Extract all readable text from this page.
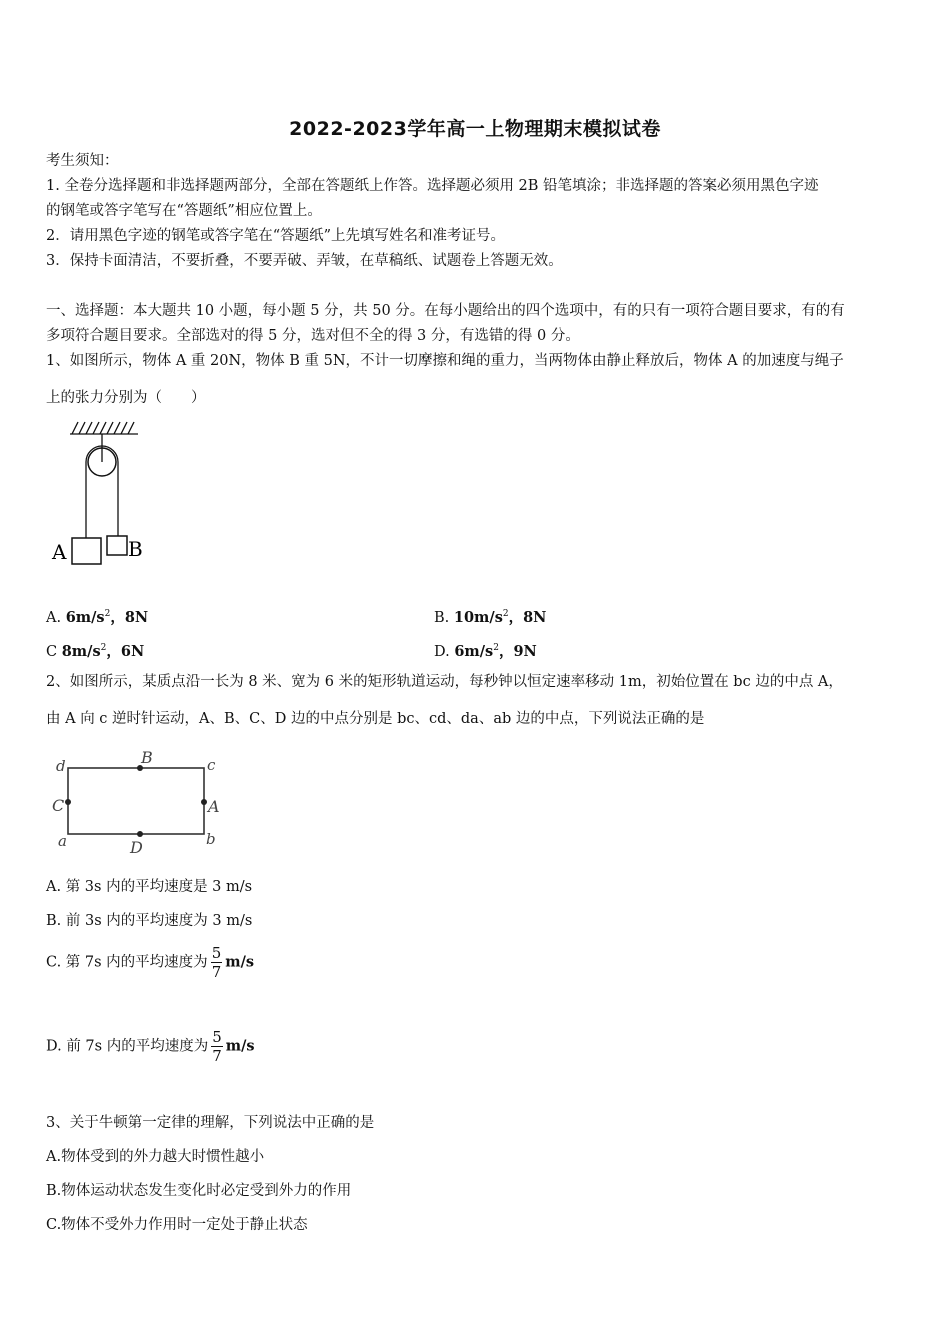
2022-2023学年高一上物理期末模拟试卷
考生须知：
1. 全卷分选择题和非选择题两部分，全部在答题纸上作答。选择题必须用 2B 铅笔填涂；非选择题的答案必须用黑色字迹
的钢笔或答字笔写在“答题纸”相应位置上。
2．请用黑色字迹的钢笔或答字笔在“答题纸”上先填写姓名和准考证号。
3．保持卡面清洁，不要折叠，不要弄破、弄皱，在草稿纸、试题卷上答题无效。
一、选择题：本大题共 10 小题，每小题 5 分，共 50 分。在每小题给出的四个选项中，有的只有一项符合题目要求，有的有
多项符合题目要求。全部选对的得 5 分，选对但不全的得 3 分，有选错的得 0 分。
1、如图所示，物体 A 重 20N，物体 B 重 5N，不计一切摩擦和绳的重力，当两物体由静止释放后，物体 A 的加速度与绳子
上的张力分别为（　　）
A	B
A. $6m/s^2$，8N	B. $10m/s^2$，8N
C $8m/s^2$，6N	D. $6m/s^2$，9N
2、如图所示，某质点沿一长为 8 米、宽为 6 米的矩形轨道运动，每秒钟以恒定速率移动 1m，初始位置在 bc 边的中点 A，
由 A 向 c 逆时针运动，A、B、C、D 边的中点分别是 bc、cd、da、ab 边的中点，下列说法正确的是
d	c
a	b
B
A
C
D
A. 第 3s 内的平均速度是 3 m/s
B. 前 3s 内的平均速度为 3 m/s
C. 第 7s 内的平均速度为 $\frac{5}{7} m/s$
D. 前 7s 内的平均速度为 $\frac{5}{7} m/s$
3、关于牛顿第一定律的理解，下列说法中正确的是
A.物体受到的外力越大时惯性越小
B.物体运动状态发生变化时必定受到外力的作用
C.物体不受外力作用时一定处于静止状态
